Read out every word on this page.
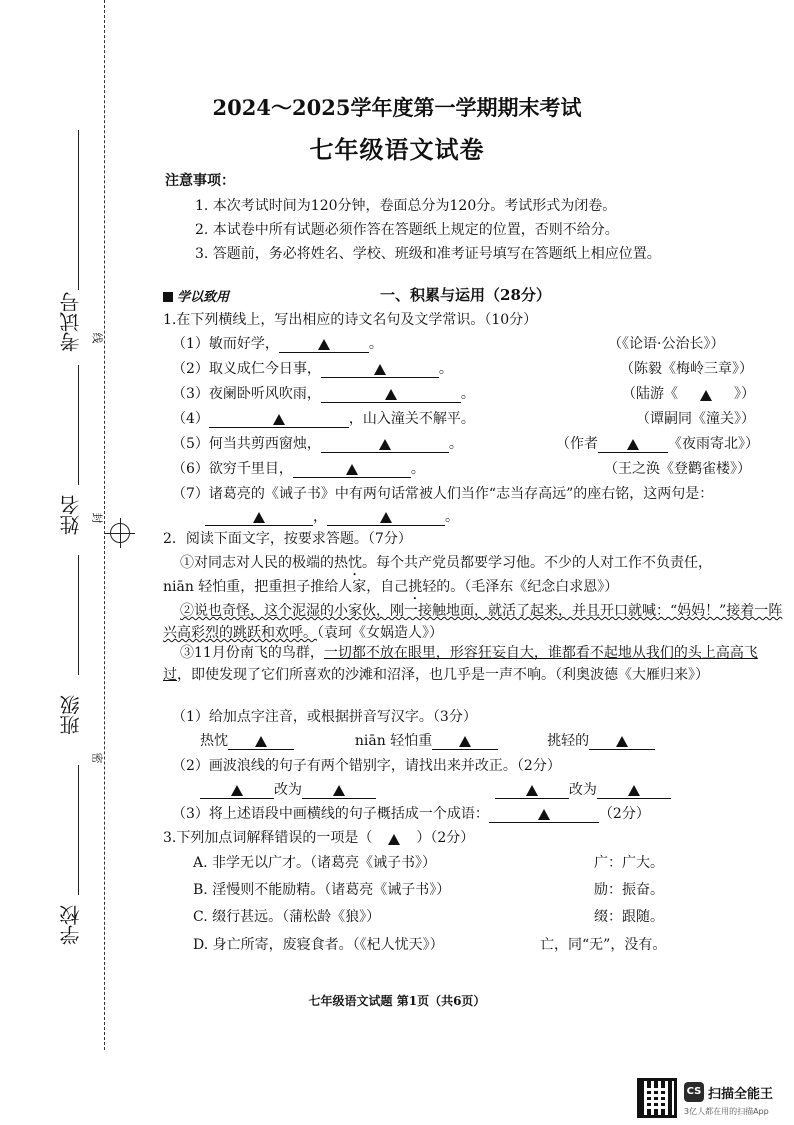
考试号
姓名
班级
学校
线
封
密
2024～2025学年度第一学期期末考试
七年级语文试卷
注意事项：
1. 本次考试时间为120分钟，卷面总分为120分。考试形式为闭卷。
2. 本试卷中所有试题必须作答在答题纸上规定的位置，否则不给分。
3. 答题前，务必将姓名、学校、班级和准考证号填写在答题纸上相应位置。
学以致用	一、积累与运用（28分）
1.在下列横线上，写出相应的诗文名句及文学常识。（10分）
（1）敏而好学，	。	（《论语·公治长》）
（2）取义成仁今日事，	。	（陈毅《梅岭三章》）
（3）夜阑卧听风吹雨，	。	（陆游《	》）
（4）	，山入潼关不解平。	（谭嗣同《潼关》）
（5）何当共剪西窗烛，	。	（作者	《夜雨寄北》）
（6）欲穷千里目，	。	（王之涣《登鹳雀楼》）
（7）诸葛亮的《诫子书》中有两句话常被人们当作“志当存高远”的座右铭，这两句是：
，	。
2．阅读下面文字，按要求答题。（7分）
①对同志对人民的极端的热忱。每个共产党员都要学习他。不少的人对工作不负责任，
niān 轻怕重，把重担子推给人家，自己挑轻的。（毛泽东《纪念白求恩》）
②说也奇怪，这个泥湿的小家伙，刚一接触地面，就活了起来，并且开口就喊：“妈妈！”接着一阵兴高彩烈的跳跃和欢呼。（袁珂《女娲造人》）
③11月份南飞的鸟群，一切都不放在眼里，形容狂妄自大，谁都看不起地从我们的头上高高飞过，即使发现了它们所喜欢的沙滩和沼泽，也几乎是一声不响。（利奥波德《大雁归来》）
（1）给加点字注音，或根据拼音写汉字。（3分）
热忱	niān 轻怕重	挑轻的
（2）画波浪线的句子有两个错别字，请找出来并改正。（2分）
改为	改为
（3）将上述语段中画横线的句子概括成一个成语：	（2分）
3.下列加点词解释错误的一项是（	）（2分）
A. 非学无以广才。（诸葛亮《诫子书》）	广：广大。
B. 淫慢则不能励精。（诸葛亮《诫子书》）	励：振奋。
C. 缀行甚远。（蒲松龄《狼》）	缀：跟随。
D. 身亡所寄，废寝食者。（《杞人忧天》）	亡，同“无”，没有。
七年级语文试题 第1页（共6页）
CS 扫描全能王
3亿人都在用的扫描App
